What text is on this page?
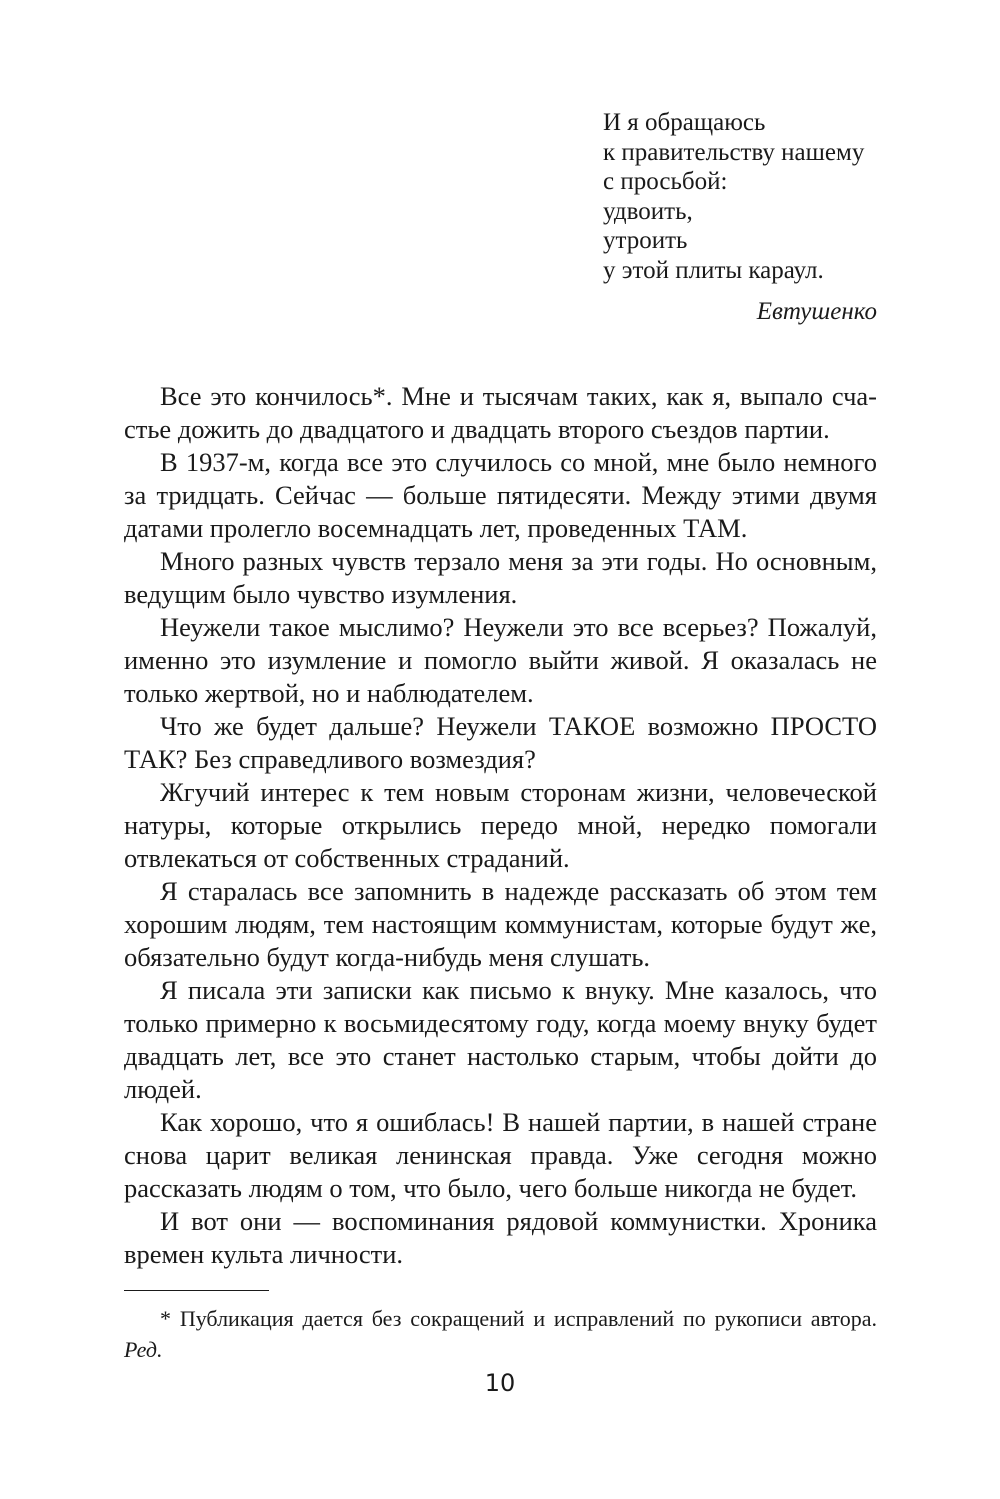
И я обращаюсь
к правительству нашему
с просьбой:
удвоить,
утроить
у этой плиты караул.
Евтушенко

Все это кончилось*. Мне и тысячам таких, как я, выпало счастье дожить до двадцатого и двадцать второго съездов партии.

В 1937-м, когда все это случилось со мной, мне было немного за тридцать. Сейчас — больше пятидесяти. Между этими двумя датами пролегло восемнадцать лет, проведенных ТАМ.

Много разных чувств терзало меня за эти годы. Но основным, ведущим было чувство изумления.

Неужели такое мыслимо? Неужели это все всерьез? Пожалуй, именно это изумление и помогло выйти живой. Я оказалась не только жертвой, но и наблюдателем.

Что же будет дальше? Неужели ТАКОЕ возможно ПРОСТО ТАК? Без справедливого возмездия?

Жгучий интерес к тем новым сторонам жизни, человеческой натуры, которые открылись передо мной, нередко помогали отвлекаться от собственных страданий.

Я старалась все запомнить в надежде рассказать об этом тем хорошим людям, тем настоящим коммунистам, которые будут же, обязательно будут когда-нибудь меня слушать.

Я писала эти записки как письмо к внуку. Мне казалось, что только примерно к восьмидесятому году, когда моему внуку будет двадцать лет, все это станет настолько старым, чтобы дойти до людей.

Как хорошо, что я ошиблась! В нашей партии, в нашей стране снова царит великая ленинская правда. Уже сегодня можно рассказать людям о том, что было, чего больше никогда не будет.

И вот они — воспоминания рядовой коммунистки. Хроника времен культа личности.

* Публикация дается без сокращений и исправлений по рукописи автора. Ред.
10
